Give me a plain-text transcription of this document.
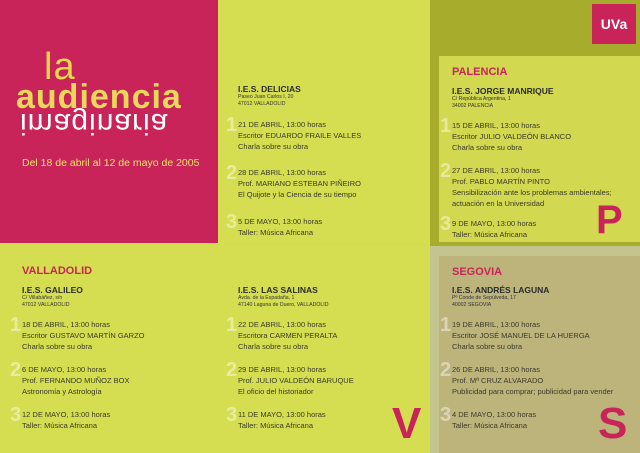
UVa
la
audiencia
imaginaria
Del 18 de abril al 12 de mayo de 2005
PALENCIA
VALLADOLID	SEGOVIA
I.E.S. DELICIAS
Paseo Juan Carlos I, 20
47012 VALLADOLID
1 21 DE ABRIL, 13:00 horas
Escritor EDUARDO FRAILE VALLES
Charla sobre su obra
2 28 DE ABRIL, 13:00 horas
Prof. MARIANO ESTEBAN PIÑEIRO
El Quijote y la Ciencia de su tiempo
3 5 DE MAYO, 13:00 horas
Taller: Música Africana
I.E.S. JORGE MANRIQUE
C/ República Argentina, 1
34002 PALENCIA
1 15 DE ABRIL, 13:00 horas
Escritor JULIO VALDEÓN BLANCO
Charla sobre su obra
2 27 DE ABRIL, 13:00 horas
Prof. PABLO MARTÍN PINTO
Sensibilización ante los problemas ambientales;
actuación en la Universidad
3 9 DE MAYO, 13:00 horas
Taller: Música Africana
I.E.S. GALILEO
C/ Villabáñez, s/n
47012 VALLADOLID
1 18 DE ABRIL, 13:00 horas
Escritor GUSTAVO MARTÍN GARZO
Charla sobre su obra
2 6 DE MAYO, 13:00 horas
Prof. FERNANDO MUÑOZ BOX
Astronomía y Astrología
3 12 DE MAYO, 13:00 horas
Taller: Música Africana
I.E.S. LAS SALINAS
Avda. de la Espadaña, 1
47140 Laguna de Duero, VALLADOLID
1 22 DE ABRIL, 13:00 horas
Escritora CARMEN PERALTA
Charla sobre su obra
2 29 DE ABRIL, 13:00 horas
Prof. JULIO VALDEÓN BARUQUE
El oficio del historiador
3 11 DE MAYO, 13:00 horas
Taller: Música Africana
I.E.S. ANDRÉS LAGUNA
Pº Conde de Sepúlveda, 17
40002 SEGOVIA
1 19 DE ABRIL, 13:00 horas
Escritor JOSÉ MANUEL DE LA HUERGA
Charla sobre su obra
2 26 DE ABRIL, 13:00 horas
Prof. Mª CRUZ ALVARADO
Publicidad para comprar; publicidad para vender
3 4 DE MAYO, 13:00 horas
Taller: Música Africana
P
V	S
